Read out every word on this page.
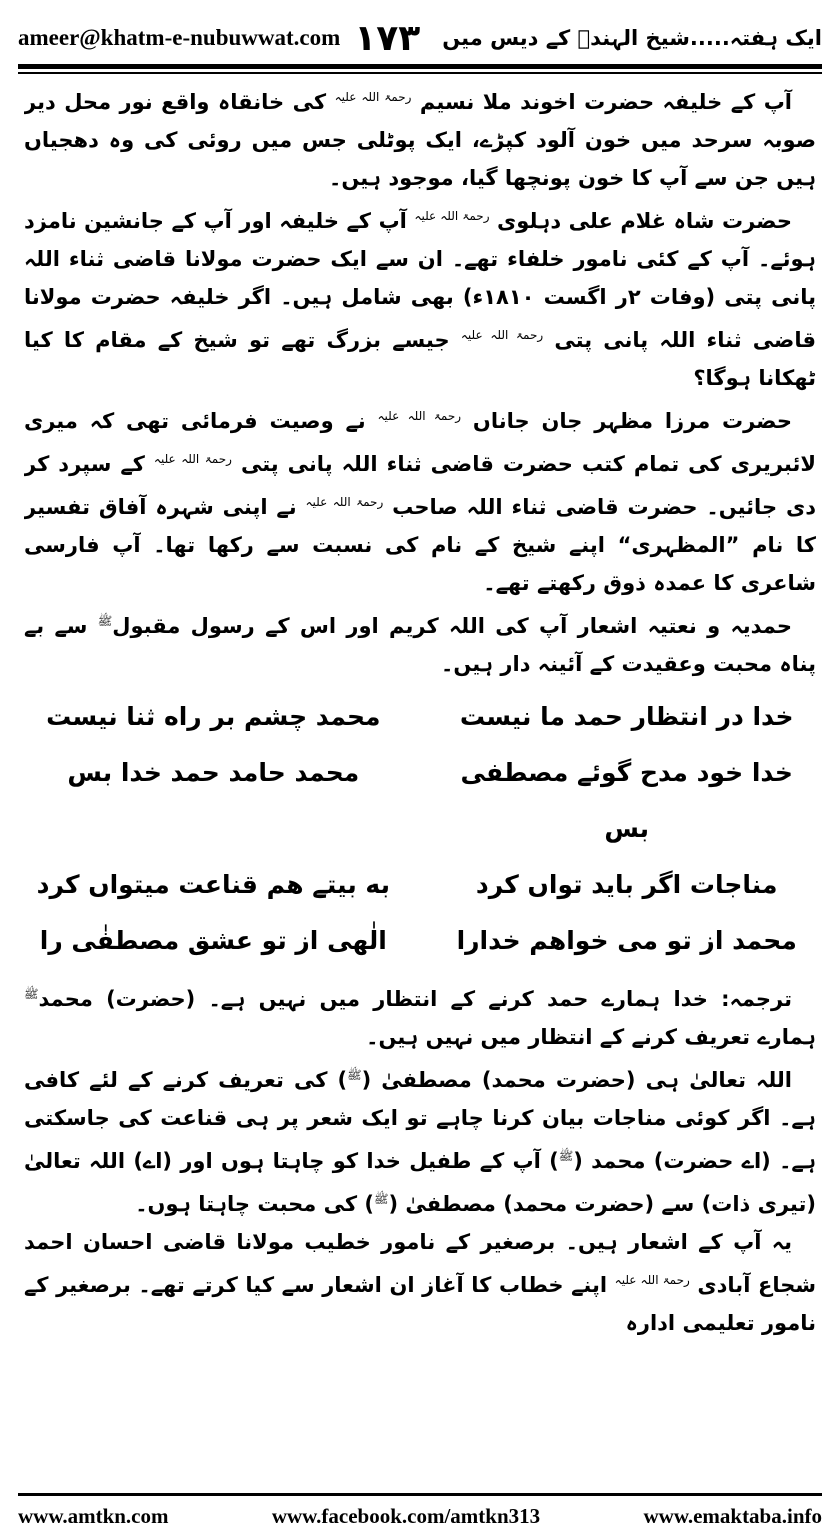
ameer@khatm-e-nubuwwat.com ۱۷۳ ایک ہفتہ.....شیخ الہندؒ کے دیس میں

آپ کے خلیفہ حضرت اخوند ملا نسیم $^{رحمۃ اللہ علیہ}$ کی خانقاہ واقع نور محل دیر صوبہ سرحد میں خون آلود کپڑے، ایک پوٹلی جس میں روئی کی وہ دھجیاں ہیں جن سے آپ کا خون پونچھا گیا، موجود ہیں۔

حضرت شاہ غلام علی دہلوی $^{رحمۃ اللہ علیہ}$ آپ کے خلیفہ اور آپ کے جانشین نامزد ہوئے۔ آپ کے کئی نامور خلفاء تھے۔ ان سے ایک حضرت مولانا قاضی ثناء اللہ پانی پتی (وفات ۲ر اگست ۱۸۱۰ء) بھی شامل ہیں۔ اگر خلیفہ حضرت مولانا قاضی ثناء اللہ پانی پتی $^{رحمۃ اللہ علیہ}$ جیسے بزرگ تھے تو شیخ کے مقام کا کیا ٹھکانا ہوگا؟

حضرت مرزا مظہر جان جاناں $^{رحمۃ اللہ علیہ}$ نے وصیت فرمائی تھی کہ میری لائبریری کی تمام کتب حضرت قاضی ثناء اللہ پانی پتی $^{رحمۃ اللہ علیہ}$ کے سپرد کر دی جائیں۔ حضرت قاضی ثناء اللہ صاحب $^{رحمۃ اللہ علیہ}$ نے اپنی شہرہ آفاق تفسیر کا نام ”المظہری“ اپنے شیخ کے نام کی نسبت سے رکھا تھا۔ آپ فارسی شاعری کا عمدہ ذوق رکھتے تھے۔

حمدیہ و نعتیہ اشعار آپ کی اللہ کریم اور اس کے رسول مقبول$^ﷺ$ سے بے پناہ محبت وعقیدت کے آئینہ دار ہیں۔

خدا در انتظار حمد ما نیست
محمد چشم بر راه ثنا نیست
خدا خود مدح گوئے مصطفی بس
محمد حامد حمد خدا بس
مناجات اگر باید تواں کرد
به بیتے هم قناعت میتواں کرد
محمد از تو می خواهم خدارا
الٰهی از تو عشق مصطفٰی را

ترجمہ: خدا ہمارے حمد کرنے کے انتظار میں نہیں ہے۔ (حضرت) محمد$^ﷺ$ ہمارے تعریف کرنے کے انتظار میں نہیں ہیں۔

اللہ تعالیٰ ہی (حضرت محمد) مصطفیٰ ($^ﷺ$) کی تعریف کرنے کے لئے کافی ہے۔ اگر کوئی مناجات بیان کرنا چاہے تو ایک شعر پر ہی قناعت کی جاسکتی ہے۔ (اے حضرت) محمد ($^ﷺ$) آپ کے طفیل خدا کو چاہتا ہوں اور (اے) اللہ تعالیٰ (تیری ذات) سے (حضرت محمد) مصطفیٰ ($^ﷺ$) کی محبت چاہتا ہوں۔

یہ آپ کے اشعار ہیں۔ برصغیر کے نامور خطیب مولانا قاضی احسان احمد شجاع آبادی $^{رحمۃ اللہ علیہ}$ اپنے خطاب کا آغاز ان اشعار سے کیا کرتے تھے۔ برصغیر کے نامور تعلیمی ادارہ

www.amtkn.com	www.facebook.com/amtkn313	www.emaktaba.info
